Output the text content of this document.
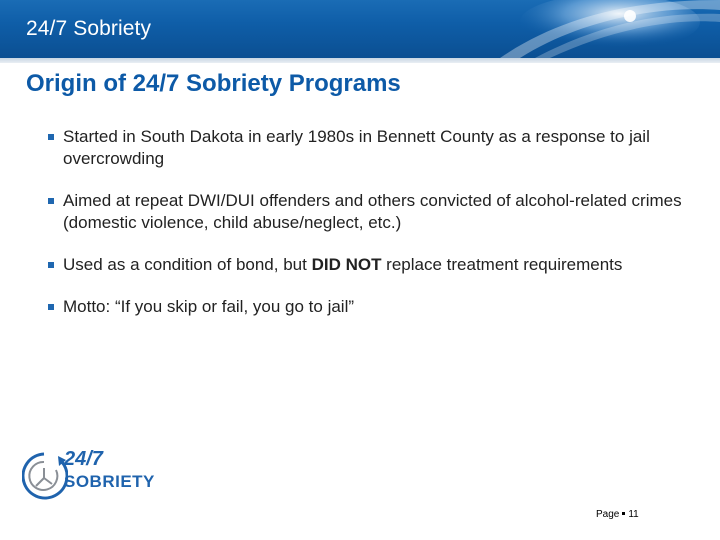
24/7 Sobriety
Origin of 24/7 Sobriety Programs
Started in South Dakota in early 1980s in Bennett County as a response to jail overcrowding
Aimed at repeat DWI/DUI offenders and others convicted of alcohol-related crimes (domestic violence, child abuse/neglect, etc.)
Used as a condition of bond, but DID NOT replace treatment requirements
Motto: “If you skip or fail, you go to jail”
24/7
SOBRIETY
Page 11
